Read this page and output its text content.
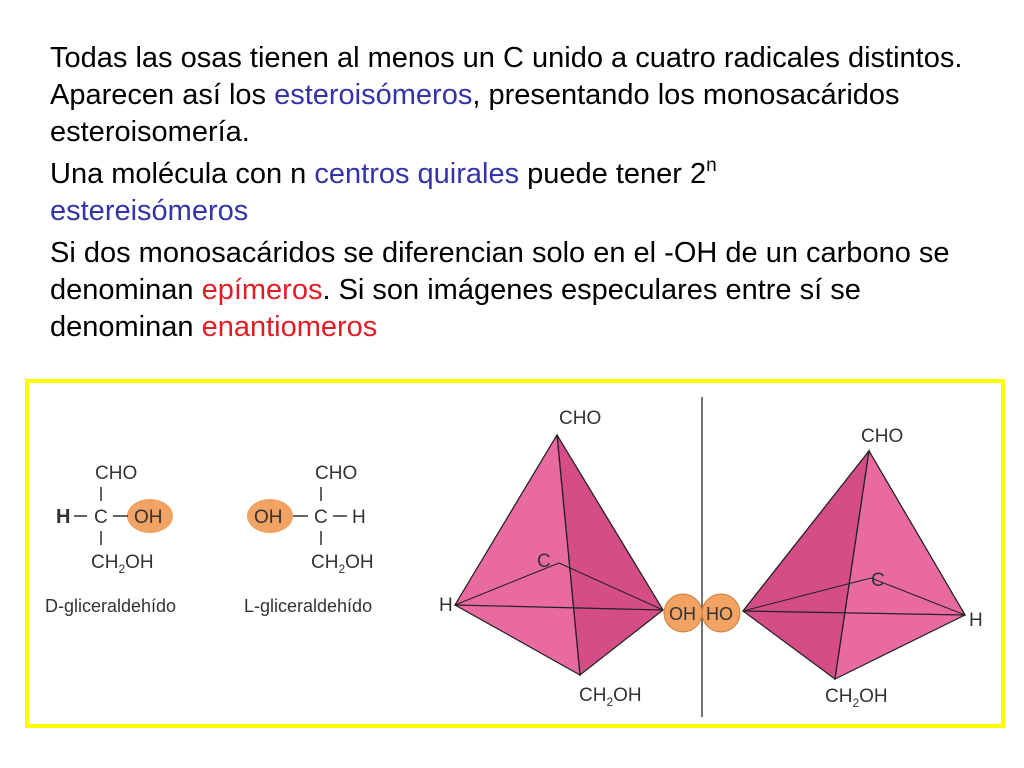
Todas las osas tienen al menos un C unido a cuatro radicales distintos. Aparecen así los esteroisómeros, presentando los monosacáridos esteroisomería.

Una molécula con n centros quirales puede tener 2$^n$
estereisómeros

Si dos monosacáridos se diferencian solo en el -OH de un carbono se denominan epímeros. Si son imágenes especulares entre sí se denominan enantiomeros

CHO
H C OH
$CH_2OH$
D-gliceraldehído
CHO
OH C H
$CH_2OH$
L-gliceraldehído
CHO
C
H
$CH_2OH$
CHO
C
H
$CH_2OH$
OH HO
